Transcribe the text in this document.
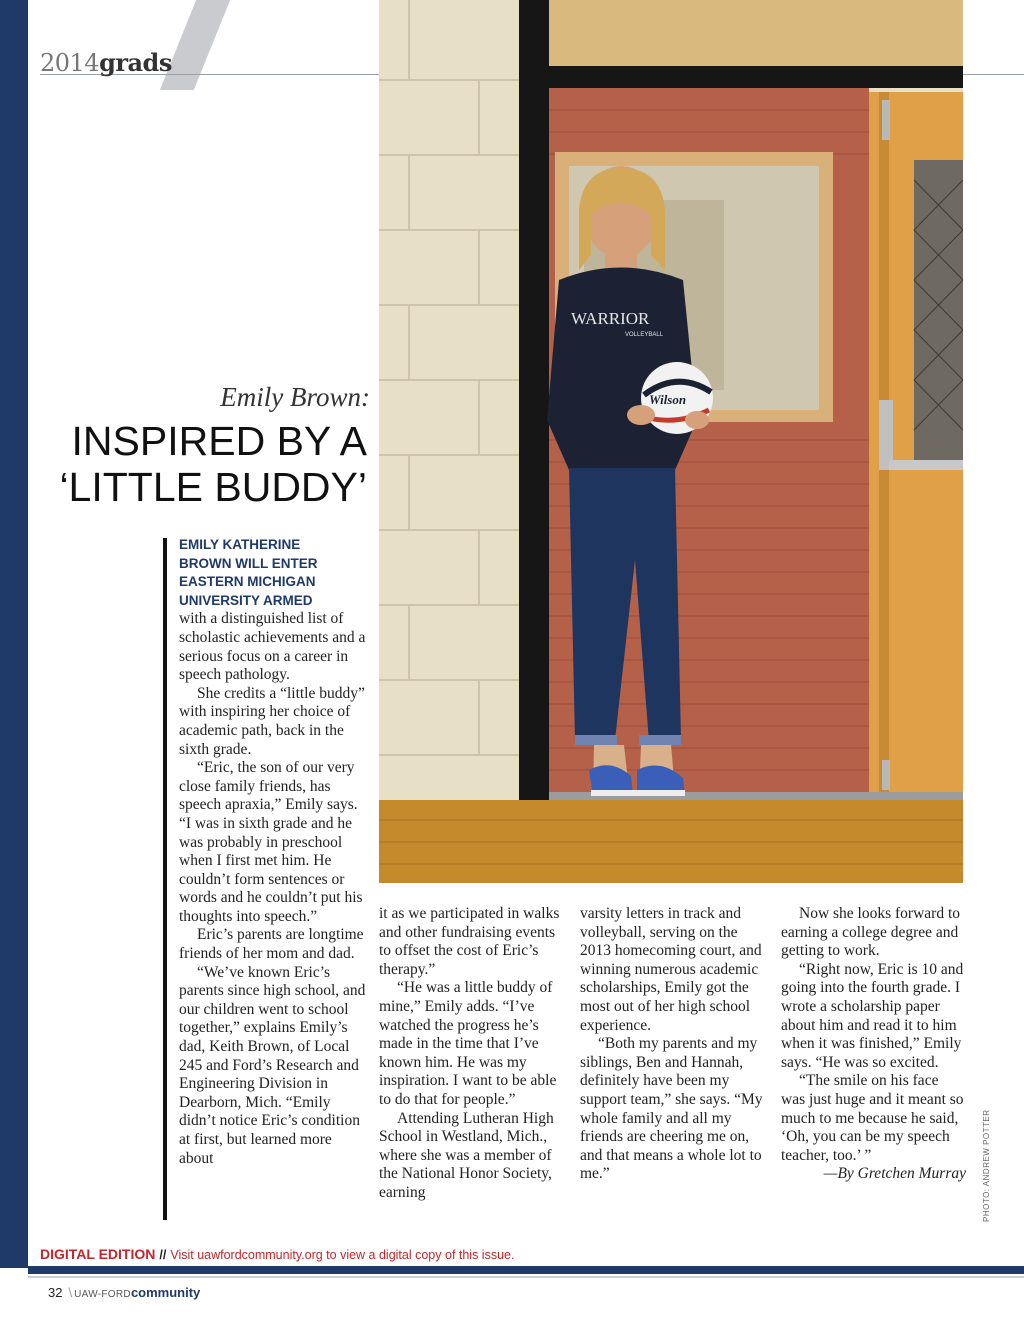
2014grads
WARRIOR
VOLLEYBALL
Wilson
Emily Brown:
INSPIRED BY A
‘LITTLE BUDDY’
EMILY KATHERINE
BROWN WILL ENTER
EASTERN MICHIGAN
UNIVERSITY ARMED

with a distinguished list of scholastic achievements and a serious focus on a career in speech pathology.

She credits a “little buddy” with inspiring her choice of academic path, back in the sixth grade.

“Eric, the son of our very close family friends, has speech apraxia,” Emily says. “I was in sixth grade and he was probably in preschool when I first met him. He couldn’t form sentences or words and he couldn’t put his thoughts into speech.”

Eric’s parents are longtime friends of her mom and dad.

“We’ve known Eric’s parents since high school, and our children went to school together,” explains Emily’s dad, Keith Brown, of Local 245 and Ford’s Research and Engineering Division in Dearborn, Mich. “Emily didn’t notice Eric’s condition at first, but learned more about

it as we participated in walks and other fundraising events to offset the cost of Eric’s therapy.”

“He was a little buddy of mine,” Emily adds. “I’ve watched the progress he’s made in the time that I’ve known him. He was my inspiration. I want to be able to do that for people.”

Attending Lutheran High School in Westland, Mich., where she was a member of the National Honor Society, earning

varsity letters in track and volleyball, serving on the 2013 homecoming court, and winning numerous academic scholarships, Emily got the most out of her high school experience.

“Both my parents and my siblings, Ben and Hannah, definitely have been my support team,” she says. “My whole family and all my friends are cheering me on, and that means a whole lot to me.”

Now she looks forward to earning a college degree and getting to work.

“Right now, Eric is 10 and going into the fourth grade. I wrote a scholarship paper about him and read it to him when it was finished,” Emily says. “He was so excited.

“The smile on his face was just huge and it meant so much to me because he said, ‘Oh, you can be my speech teacher, too.’ ”

—By Gretchen Murray PHOTO: ANDREW POTTER
DIGITAL EDITION // Visit uawfordcommunity.org to view a digital copy of this issue.
32 \ UAW-FORDcommunity
